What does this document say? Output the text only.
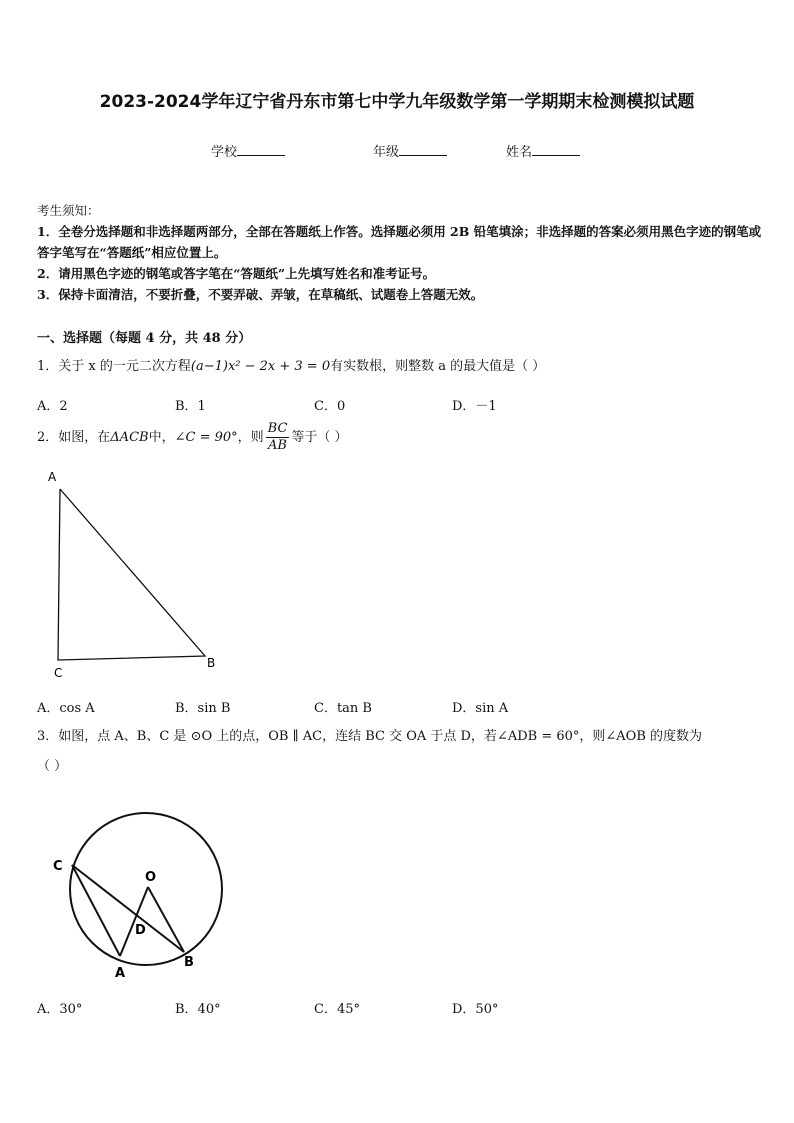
2023-2024学年辽宁省丹东市第七中学九年级数学第一学期期末检测模拟试题
学校	年级	姓名
考生须知：
1．全卷分选择题和非选择题两部分，全部在答题纸上作答。选择题必须用 2B 铅笔填涂；非选择题的答案必须用黑色字迹的钢笔或答字笔写在“答题纸”相应位置上。
2．请用黑色字迹的钢笔或答字笔在“答题纸”上先填写姓名和准考证号。
3．保持卡面清洁，不要折叠，不要弄破、弄皱，在草稿纸、试题卷上答题无效。
一、选择题（每题 4 分，共 48 分）
1．关于 x 的一元二次方程(a−1)x² − 2x + 3 = 0有实数根，则整数 a 的最大值是（ ）
A．2	B．1	C．0	D．－1
2．如图，在ΔACB中，∠C = 90°，则 $\frac{BC}{AB}$ 等于（ ）
A
C
B
A．cos A	B．sin B	C．tan B	D．sin A
3．如图，点 A、B、C 是 ⊙O 上的点，OB ∥ AC，连结 BC 交 OA 于点 D，若∠ADB = 60°，则∠AOB 的度数为
（ ）
C
O
D
A
B
A．30°	B．40°	C．45°	D．50°
